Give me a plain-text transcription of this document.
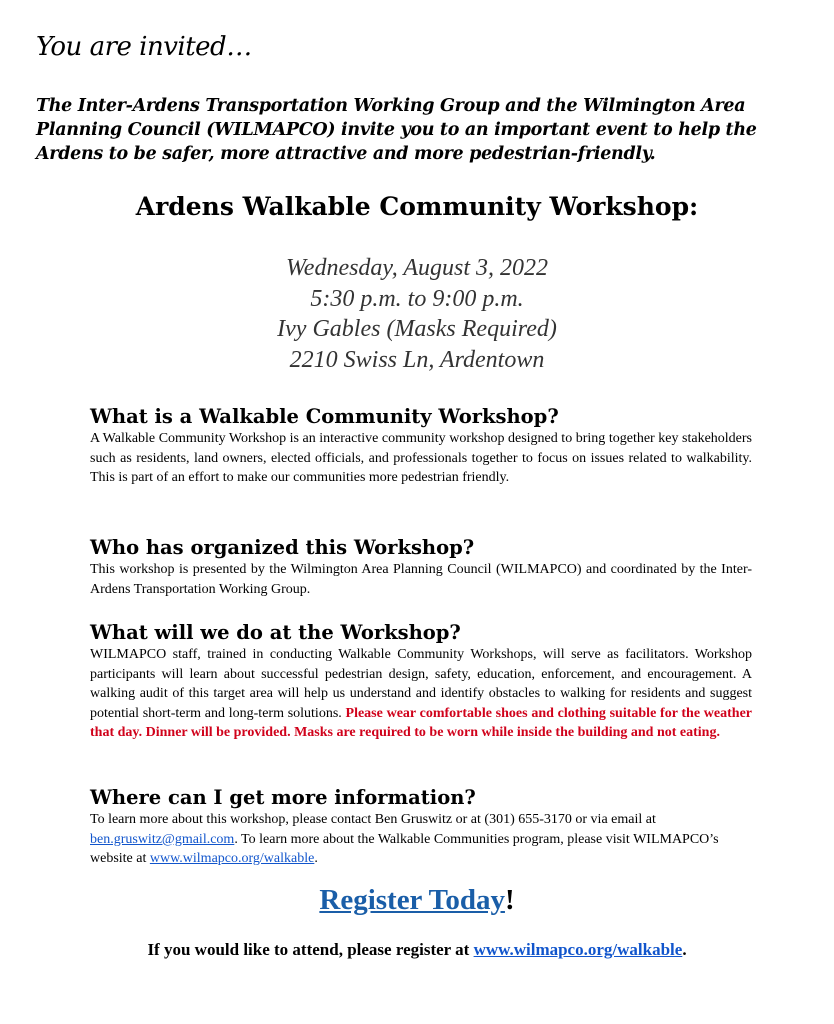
You are invited…
The Inter-Ardens Transportation Working Group and the Wilmington Area Planning Council (WILMAPCO) invite you to an important event to help the Ardens to be safer, more attractive and more pedestrian-friendly.
Ardens Walkable Community Workshop:
Wednesday, August 3, 2022
5:30 p.m. to 9:00 p.m.
Ivy Gables (Masks Required)
2210 Swiss Ln, Ardentown
What is a Walkable Community Workshop?

A Walkable Community Workshop is an interactive community workshop designed to bring together key stakeholders such as residents, land owners, elected officials, and professionals together to focus on issues related to walkability. This is part of an effort to make our communities more pedestrian friendly.

Who has organized this Workshop?

This workshop is presented by the Wilmington Area Planning Council (WILMAPCO) and coordinated by the Inter-Ardens Transportation Working Group.

What will we do at the Workshop?

WILMAPCO staff, trained in conducting Walkable Community Workshops, will serve as facilitators. Workshop participants will learn about successful pedestrian design, safety, education, enforcement, and encouragement. A walking audit of this target area will help us understand and identify obstacles to walking for residents and suggest potential short-term and long-term solutions. Please wear comfortable shoes and clothing suitable for the weather that day. Dinner will be provided. Masks are required to be worn while inside the building and not eating.

Where can I get more information?

To learn more about this workshop, please contact Ben Gruswitz or at (301) 655-3170 or via email at ben.gruswitz@gmail.com. To learn more about the Walkable Communities program, please visit WILMAPCO’s website at www.wilmapco.org/walkable.

Register Today!
If you would like to attend, please register at www.wilmapco.org/walkable.
